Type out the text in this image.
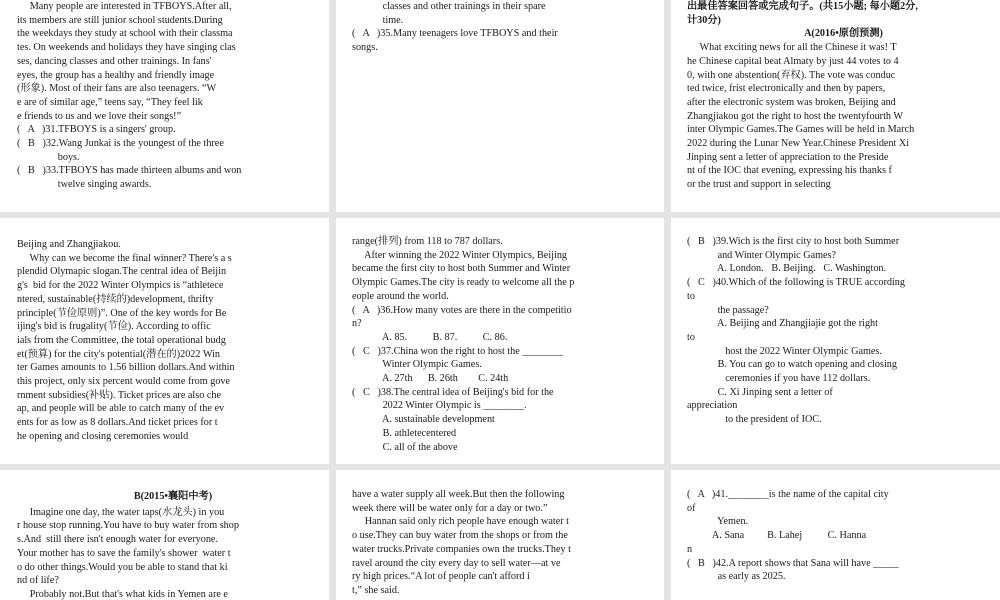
Many people are interested in TFBOYS.After all,
its members are still junior school students.During
the weekdays they study at school with their classma
tes. On weekends and holidays they have singing clas
ses, dancing classes and other trainings. In fans'
eyes, the group has a healthy and friendly image
(形象). Most of their fans are also teenagers. “W
e are of similar age,” teens say, “They feel lik
e friends to us and we love their songs!”
(   A   )31.TFBOYS is a singers' group.
(   B   )32.Wang Junkai is the youngest of the three
boys.
(   B   )33.TFBOYS has made thirteen albums and won
twelve singing awards.
classes and other trainings in their spare
time.
(   A   )35.Many teenagers love TFBOYS and their
songs.
出最佳答案回答或完成句子。(共15小题; 每小题2分,
计30分)
A(2016•原创预测)
What exciting news for all the Chinese it was! T
he Chinese capital beat Almaty by just 44 votes to 4
0, with one abstention(弃权). The vote was conduc
ted twice, frist electronically and then by papers,
after the electronic system was broken, Beijing and
Zhangjiakou got the right to host the twentyfourth W
inter Olympic Games.The Games will be held in March
2022 during the Lunar New Year.Chinese President Xi
Jinping sent a letter of appreciation to the Preside
nt of the IOC that evening, expressing his thanks f
or the trust and support in selecting
Beijing and Zhangjiakou.
Why can we become the final winner? There's a s
plendid Olymapic slogan.The central idea of Beijin
g's  bid for the 2022 Winter Olympics is “athletece
ntered, sustainable(持续的)development, thrifty
principle(节俭原则)”. One of the key words for Be
ijing's bid is frugality(节俭). According to offic
ials from the Committee, the total operational budg
et(预算) for the city's potential(潜在的)2022 Win
ter Games amounts to 1.56 billion dollars.And within
this project, only six percent would come from gove
rnment subsidies(补贴). Ticket prices are also che
ap, and people will be able to catch many of the ev
ents for as low as 8 dollars.And ticket prices for t
he opening and closing ceremonies would
range(排列) from 118 to 787 dollars.
After winning the 2022 Winter Olympics, Beijing
became the first city to host both Summer and Winter
Olympic Games.The city is ready to welcome all the p
eople around the world.
(   A   )36.How many votes are there in the competitio
n?
A. 85.          B. 87.          C. 86.
(   C   )37.China won the right to host the ________
Winter Olympic Games.
A. 27th      B. 26th        C. 24th
(   C   )38.The central idea of Beijing's bid for the
2022 Winter Olympic is ________.
A. sustainable development
B. athletecentered
C. all of the above
(   B   )39.Wich is the first city to host both Summer
and Winter Olympic Games?
A. London.   B. Beijing.   C. Washington.
(   C   )40.Which of the following is TRUE according
to
the passage?
A. Beijing and Zhangjiajie got the right
to
host the 2022 Winter Olympic Games.
B. You can go to watch opening and closing
ceremonies if you have 112 dollars.
C. Xi Jinping sent a letter of
appreciation
to the president of IOC.
B(2015•襄阳中考)
Imagine one day, the water taps(水龙头) in you
r house stop running.You have to buy water from shop
s.And  still there isn't enough water for everyone.
Your mother has to save the family's shower  water t
o do other things.Would you be able to stand that ki
nd of life?
Probably not.But that's what kids in Yemen are e
have a water supply all week.But then the following
week there will be water only for a day or two.”
Hannan said only rich people have enough water t
o use.They can buy water from the shops or from the
water trucks.Private companies own the trucks.They t
ravel around the city every day to sell water—at ve
ry high prices.“A lot of people can't afford i
t,” she said.
(   A   )41.________is the name of the capital city
of
Yemen.
A. Sana         B. Lahej          C. Hanna
n
(   B   )42.A report shows that Sana will have _____
as early as 2025.
